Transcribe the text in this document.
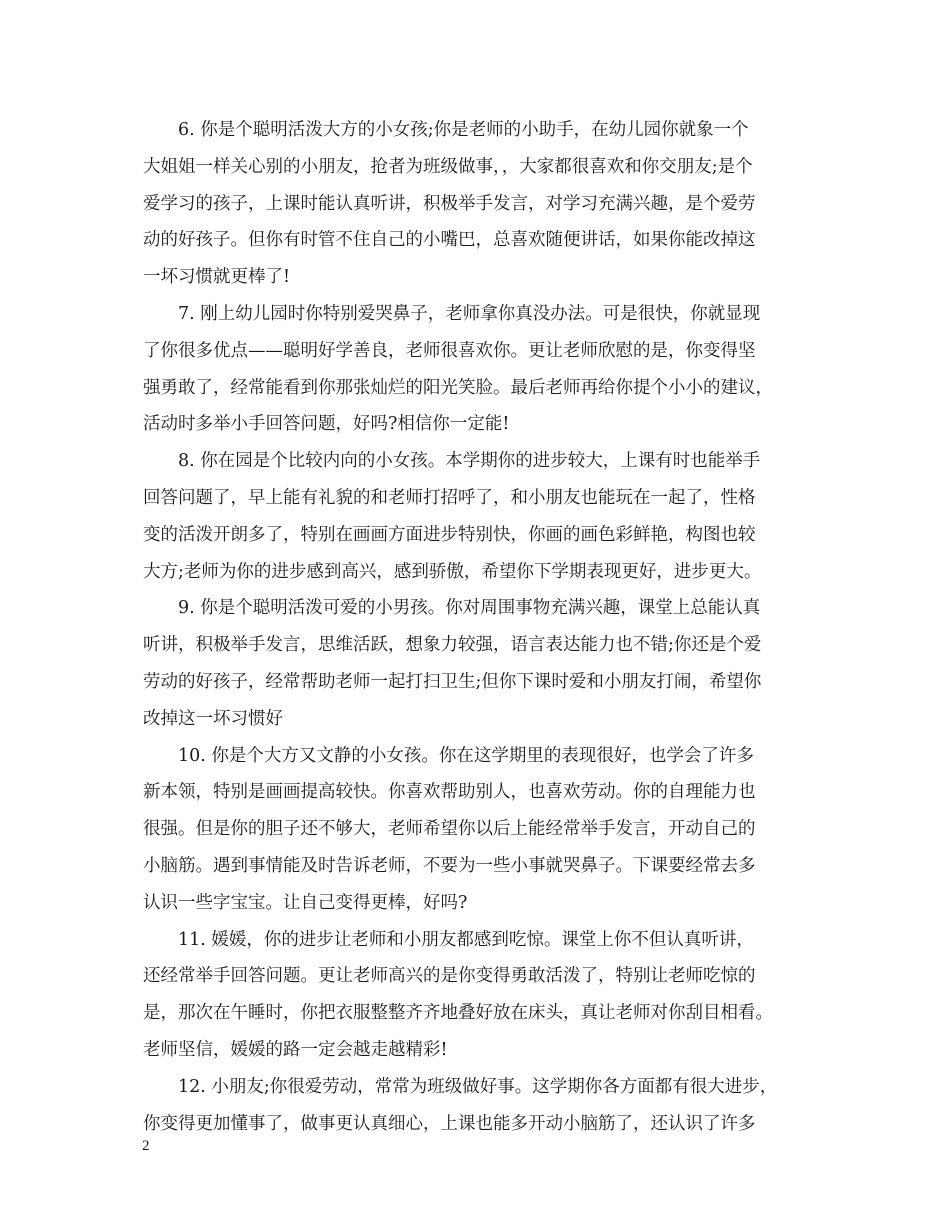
6. 你是个聪明活泼大方的小女孩;你是老师的小助手，在幼儿园你就象一个
大姐姐一样关心别的小朋友，抢者为班级做事，，大家都很喜欢和你交朋友;是个
爱学习的孩子，上课时能认真听讲，积极举手发言，对学习充满兴趣，是个爱劳
动的好孩子。但你有时管不住自己的小嘴巴，总喜欢随便讲话，如果你能改掉这
一坏习惯就更棒了!
7. 刚上幼儿园时你特别爱哭鼻子，老师拿你真没办法。可是很快，你就显现
了你很多优点——聪明好学善良，老师很喜欢你。更让老师欣慰的是，你变得坚
强勇敢了，经常能看到你那张灿烂的阳光笑脸。最后老师再给你提个小小的建议，
活动时多举小手回答问题，好吗?相信你一定能!
8. 你在园是个比较内向的小女孩。本学期你的进步较大，上课有时也能举手
回答问题了，早上能有礼貌的和老师打招呼了，和小朋友也能玩在一起了，性格
变的活泼开朗多了，特别在画画方面进步特别快，你画的画色彩鲜艳，构图也较
大方;老师为你的进步感到高兴，感到骄傲，希望你下学期表现更好，进步更大。
9. 你是个聪明活泼可爱的小男孩。你对周围事物充满兴趣，课堂上总能认真
听讲，积极举手发言，思维活跃，想象力较强，语言表达能力也不错;你还是个爱
劳动的好孩子，经常帮助老师一起打扫卫生;但你下课时爱和小朋友打闹，希望你
改掉这一坏习惯好
10. 你是个大方又文静的小女孩。你在这学期里的表现很好，也学会了许多
新本领，特别是画画提高较快。你喜欢帮助别人，也喜欢劳动。你的自理能力也
很强。但是你的胆子还不够大，老师希望你以后上能经常举手发言，开动自己的
小脑筋。遇到事情能及时告诉老师，不要为一些小事就哭鼻子。下课要经常去多
认识一些字宝宝。让自己变得更棒，好吗?
11. 媛媛，你的进步让老师和小朋友都感到吃惊。课堂上你不但认真听讲，
还经常举手回答问题。更让老师高兴的是你变得勇敢活泼了，特别让老师吃惊的
是，那次在午睡时，你把衣服整整齐齐地叠好放在床头，真让老师对你刮目相看。
老师坚信，媛媛的路一定会越走越精彩!
12. 小朋友;你很爱劳动，常常为班级做好事。这学期你各方面都有很大进步，
你变得更加懂事了，做事更认真细心，上课也能多开动小脑筋了，还认识了许多
2
